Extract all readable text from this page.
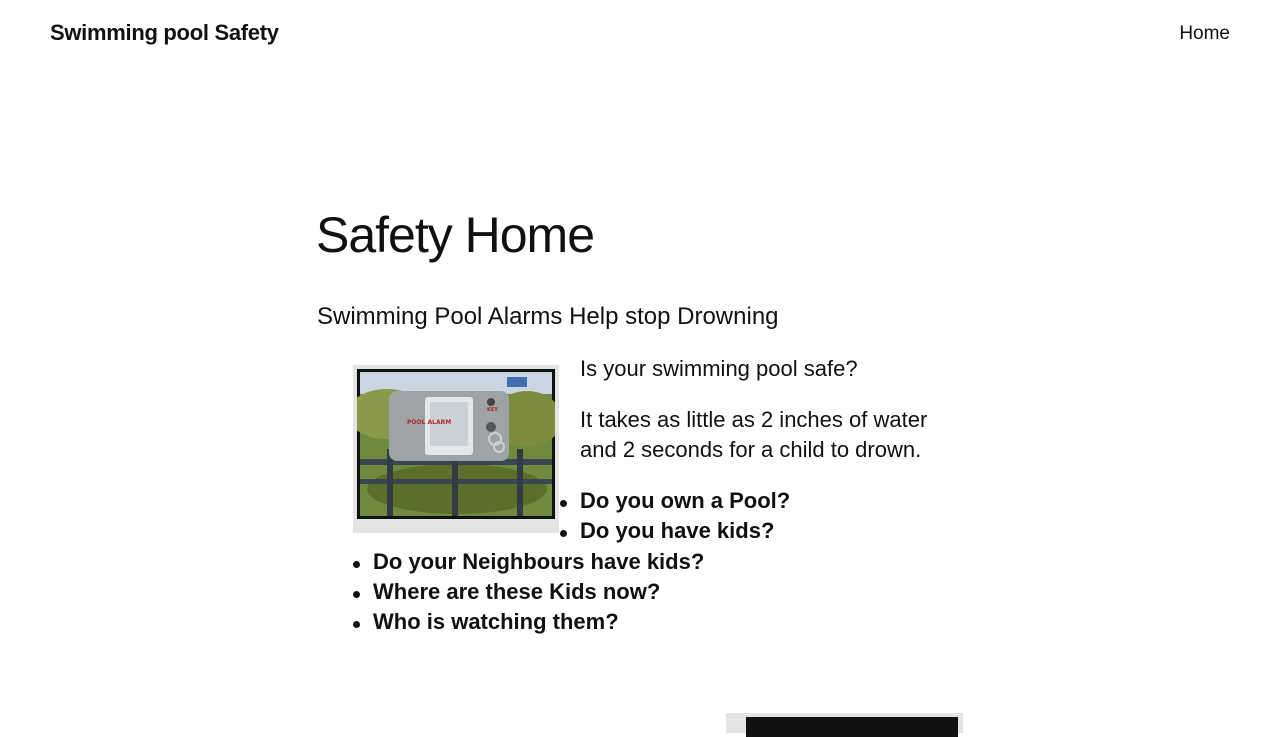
Swimming pool Safety	Home
Safety Home
Swimming Pool Alarms Help stop Drowning
POOL ALARM
KEY

Is your swimming pool safe?

It takes as little as 2 inches of water and 2 seconds for a child to drown.

Do you own a Pool?
Do you have kids?
Do your Neighbours have kids?
Where are these Kids now?
Who is watching them?
